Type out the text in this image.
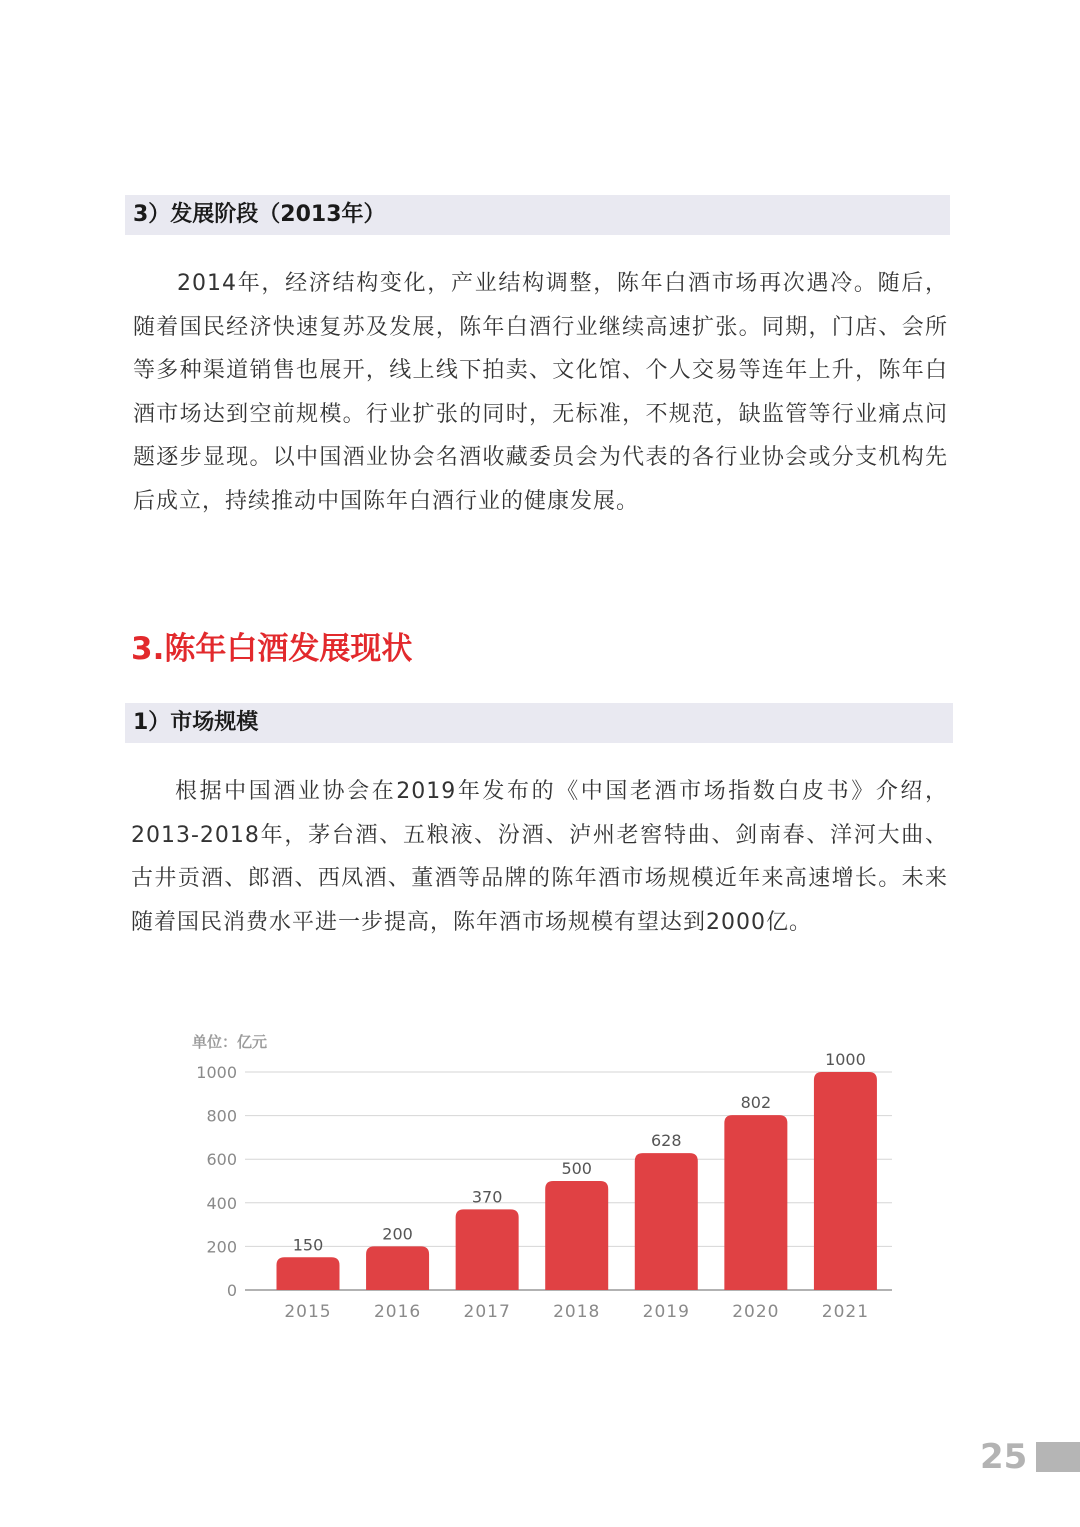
3）发展阶段（2013年）

2014年，经济结构变化，产业结构调整，陈年白酒市场再次遇冷。随后，随着国民经济快速复苏及发展，陈年白酒行业继续高速扩张。同期，门店、会所等多种渠道销售也展开，线上线下拍卖、文化馆、个人交易等连年上升，陈年白酒市场达到空前规模。行业扩张的同时，无标准，不规范，缺监管等行业痛点问题逐步显现。以中国酒业协会名酒收藏委员会为代表的各行业协会或分支机构先后成立，持续推动中国陈年白酒行业的健康发展。

3.陈年白酒发展现状
1）市场规模

根据中国酒业协会在2019年发布的《中国老酒市场指数白皮书》介绍，2013-2018年，茅台酒、五粮液、汾酒、泸州老窖特曲、剑南春、洋河大曲、古井贡酒、郎酒、西凤酒、董酒等品牌的陈年酒市场规模近年来高速增长。未来随着国民消费水平进一步提高，陈年酒市场规模有望达到2000亿。

单位：亿元
0
200
400
600
800
1000
150
2015
200
2016
370
2017
500
2018
628
2019
802
2020
1000
2021
25
